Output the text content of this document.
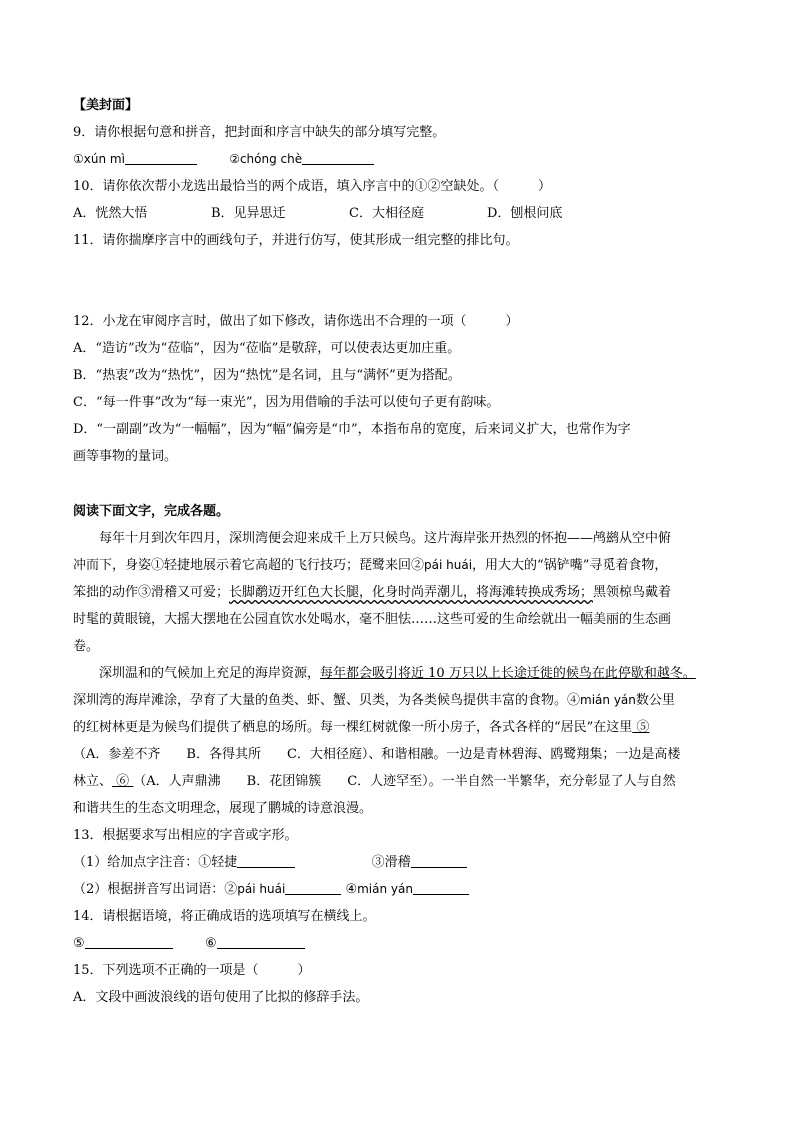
【美封面】
9．请你根据句意和拼音，把封面和序言中缺失的部分填写完整。
①xún mì	②chóng chè
10．请你依次帮小龙选出最恰当的两个成语，填入序言中的①②空缺处。（　　　）
A．恍然大悟	B．见异思迁	C．大相径庭	D．刨根问底
11．请你揣摩序言中的画线句子，并进行仿写，使其形成一组完整的排比句。
12．小龙在审阅序言时，做出了如下修改，请你选出不合理的一项（　　　）
A．“造访”改为“莅临”，因为“莅临”是敬辞，可以使表达更加庄重。
B．“热衷”改为“热忱”，因为“热忱”是名词，且与“满怀”更为搭配。
C．“每一件事”改为“每一束光”，因为用借喻的手法可以使句子更有韵味。
D．“一副副”改为“一幅幅”，因为“幅”偏旁是“巾”，本指布帛的宽度，后来词义扩大，也常作为字
画等事物的量词。
阅读下面文字，完成各题。
每年十月到次年四月，深圳湾便会迎来成千上万只候鸟。这片海岸张开热烈的怀抱——鸬鹚从空中俯
冲而下，身姿①轻捷地展示着它高超的飞行技巧；琵鹭来回②pái huái，用大大的“锅铲嘴”寻觅着食物，
笨拙的动作③滑稽又可爱；长脚鹬迈开红色大长腿，化身时尚弄潮儿，将海滩转换成秀场；黑领椋鸟戴着
时髦的黄眼镜，大摇大摆地在公园直饮水处喝水，毫不胆怯……这些可爱的生命绘就出一幅美丽的生态画
卷。
深圳温和的气候加上充足的海岸资源，每年都会吸引将近 10 万只以上长途迁徙的候鸟在此停歇和越冬。
深圳湾的海岸滩涂，孕育了大量的鱼类、虾、蟹、贝类，为各类候鸟提供丰富的食物。④mián yán数公里
的红树林更是为候鸟们提供了栖息的场所。每一棵红树就像一所小房子，各式各样的“居民”在这里 ⑤
（A．参差不齐　　B．各得其所　　C．大相径庭）、和谐相融。一边是青林碧海、鸥鹭翔集；一边是高楼
林立、 ⑥ （A．人声鼎沸　　B．花团锦簇　　C．人迹罕至）。一半自然一半繁华，充分彰显了人与自然
和谐共生的生态文明理念，展现了鹏城的诗意浪漫。
13．根据要求写出相应的字音或字形。
（1）给加点字注音：①轻捷	③滑稽
（2）根据拼音写出词语：②pái huái	④mián yán
14．请根据语境，将正确成语的选项填写在横线上。
⑤	⑥
15．下列选项不正确的一项是（　　　）
A．文段中画波浪线的语句使用了比拟的修辞手法。
